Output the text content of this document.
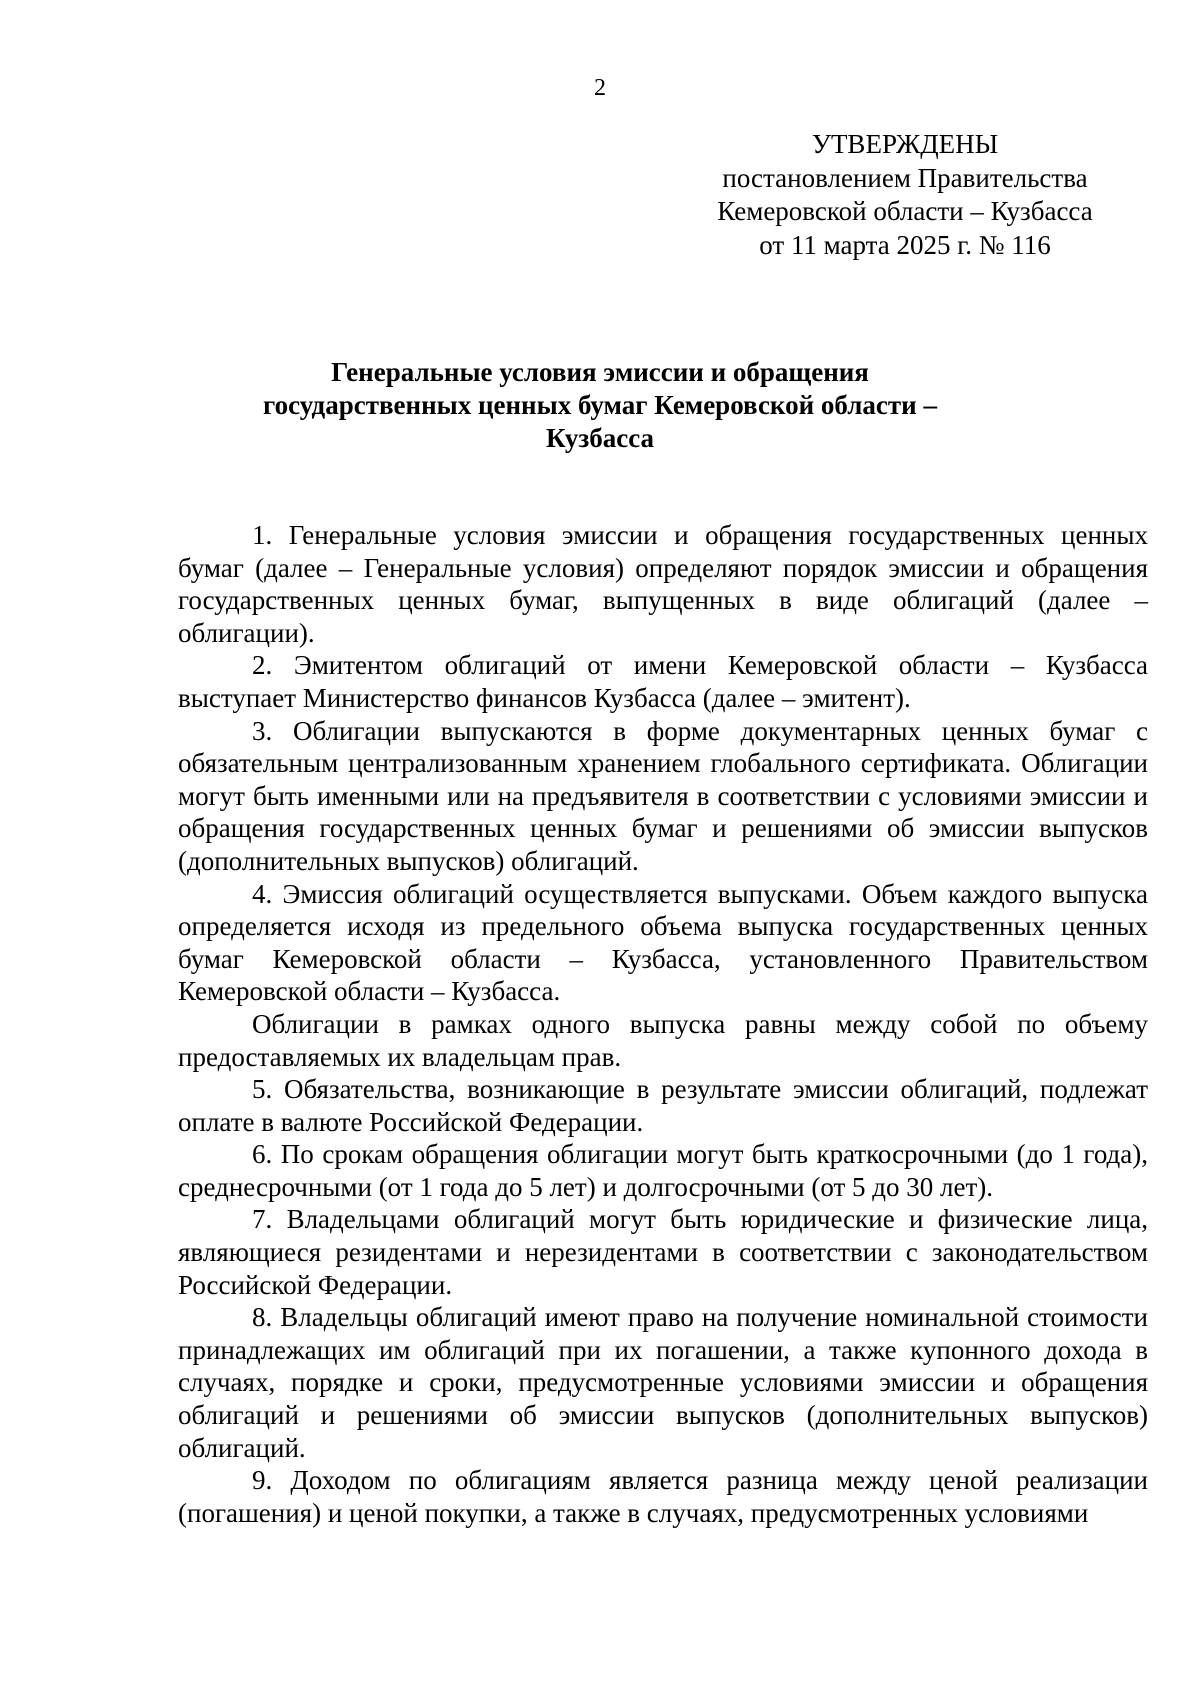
2
УТВЕРЖДЕНЫ
постановлением Правительства
Кемеровской области – Кузбасса
от 11 марта 2025 г. № 116
Генеральные условия эмиссии и обращения
государственных ценных бумаг Кемеровской области –
Кузбасса

1. Генеральные условия эмиссии и обращения государственных ценных бумаг (далее – Генеральные условия) определяют порядок эмиссии и обращения государственных ценных бумаг, выпущенных в виде облигаций (далее – облигации).

2. Эмитентом облигаций от имени Кемеровской области – Кузбасса выступает Министерство финансов Кузбасса (далее – эмитент).

3. Облигации выпускаются в форме документарных ценных бумаг с обязательным централизованным хранением глобального сертификата. Облигации могут быть именными или на предъявителя в соответствии с условиями эмиссии и обращения государственных ценных бумаг и решениями об эмиссии выпусков (дополнительных выпусков) облигаций.

4. Эмиссия облигаций осуществляется выпусками. Объем каждого выпуска определяется исходя из предельного объема выпуска государственных ценных бумаг Кемеровской области – Кузбасса, установленного Правительством Кемеровской области – Кузбасса.

Облигации в рамках одного выпуска равны между собой по объему предоставляемых их владельцам прав.

5. Обязательства, возникающие в результате эмиссии облигаций, подлежат оплате в валюте Российской Федерации.

6. По срокам обращения облигации могут быть краткосрочными (до 1 года), среднесрочными (от 1 года до 5 лет) и долгосрочными (от 5 до 30 лет).

7. Владельцами облигаций могут быть юридические и физические лица, являющиеся резидентами и нерезидентами в соответствии с законодательством Российской Федерации.

8. Владельцы облигаций имеют право на получение номинальной стоимости принадлежащих им облигаций при их погашении, а также купонного дохода в случаях, порядке и сроки, предусмотренные условиями эмиссии и обращения облигаций и решениями об эмиссии выпусков (дополнительных выпусков) облигаций.

9. Доходом по облигациям является разница между ценой реализации (погашения) и ценой покупки, а также в случаях, предусмотренных условиями
